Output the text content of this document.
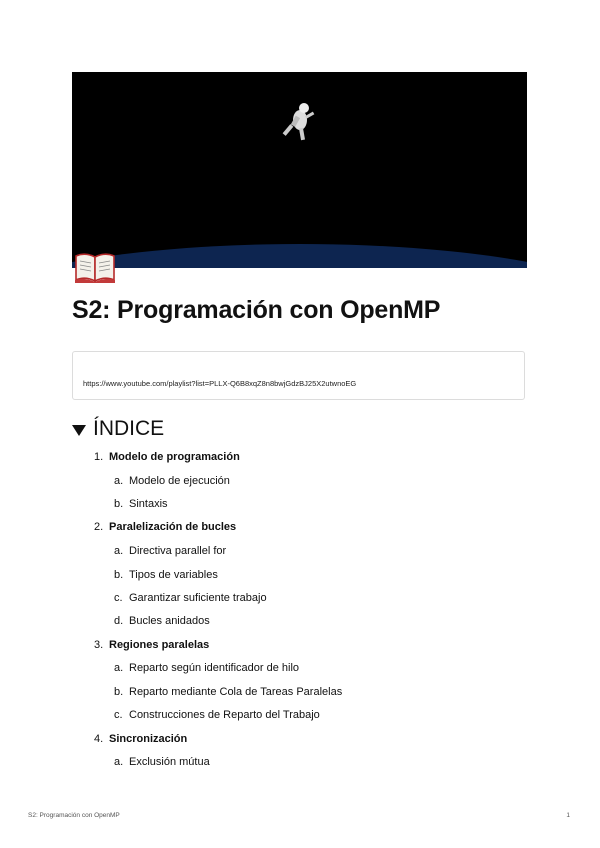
S2: Programación con OpenMP
https://www.youtube.com/playlist?list=PLLX-Q6B8xqZ8n8bwjGdzBJ25X2utwnoEG
ÍNDICE
1. Modelo de programación
a. Modelo de ejecución
b. Sintaxis
2. Paralelización de bucles
a. Directiva parallel for
b. Tipos de variables
c. Garantizar suficiente trabajo
d. Bucles anidados
3. Regiones paralelas
a. Reparto según identificador de hilo
b. Reparto mediante Cola de Tareas Paralelas
c. Construcciones de Reparto del Trabajo
4. Sincronización
a. Exclusión mútua
S2: Programación con OpenMP	1
